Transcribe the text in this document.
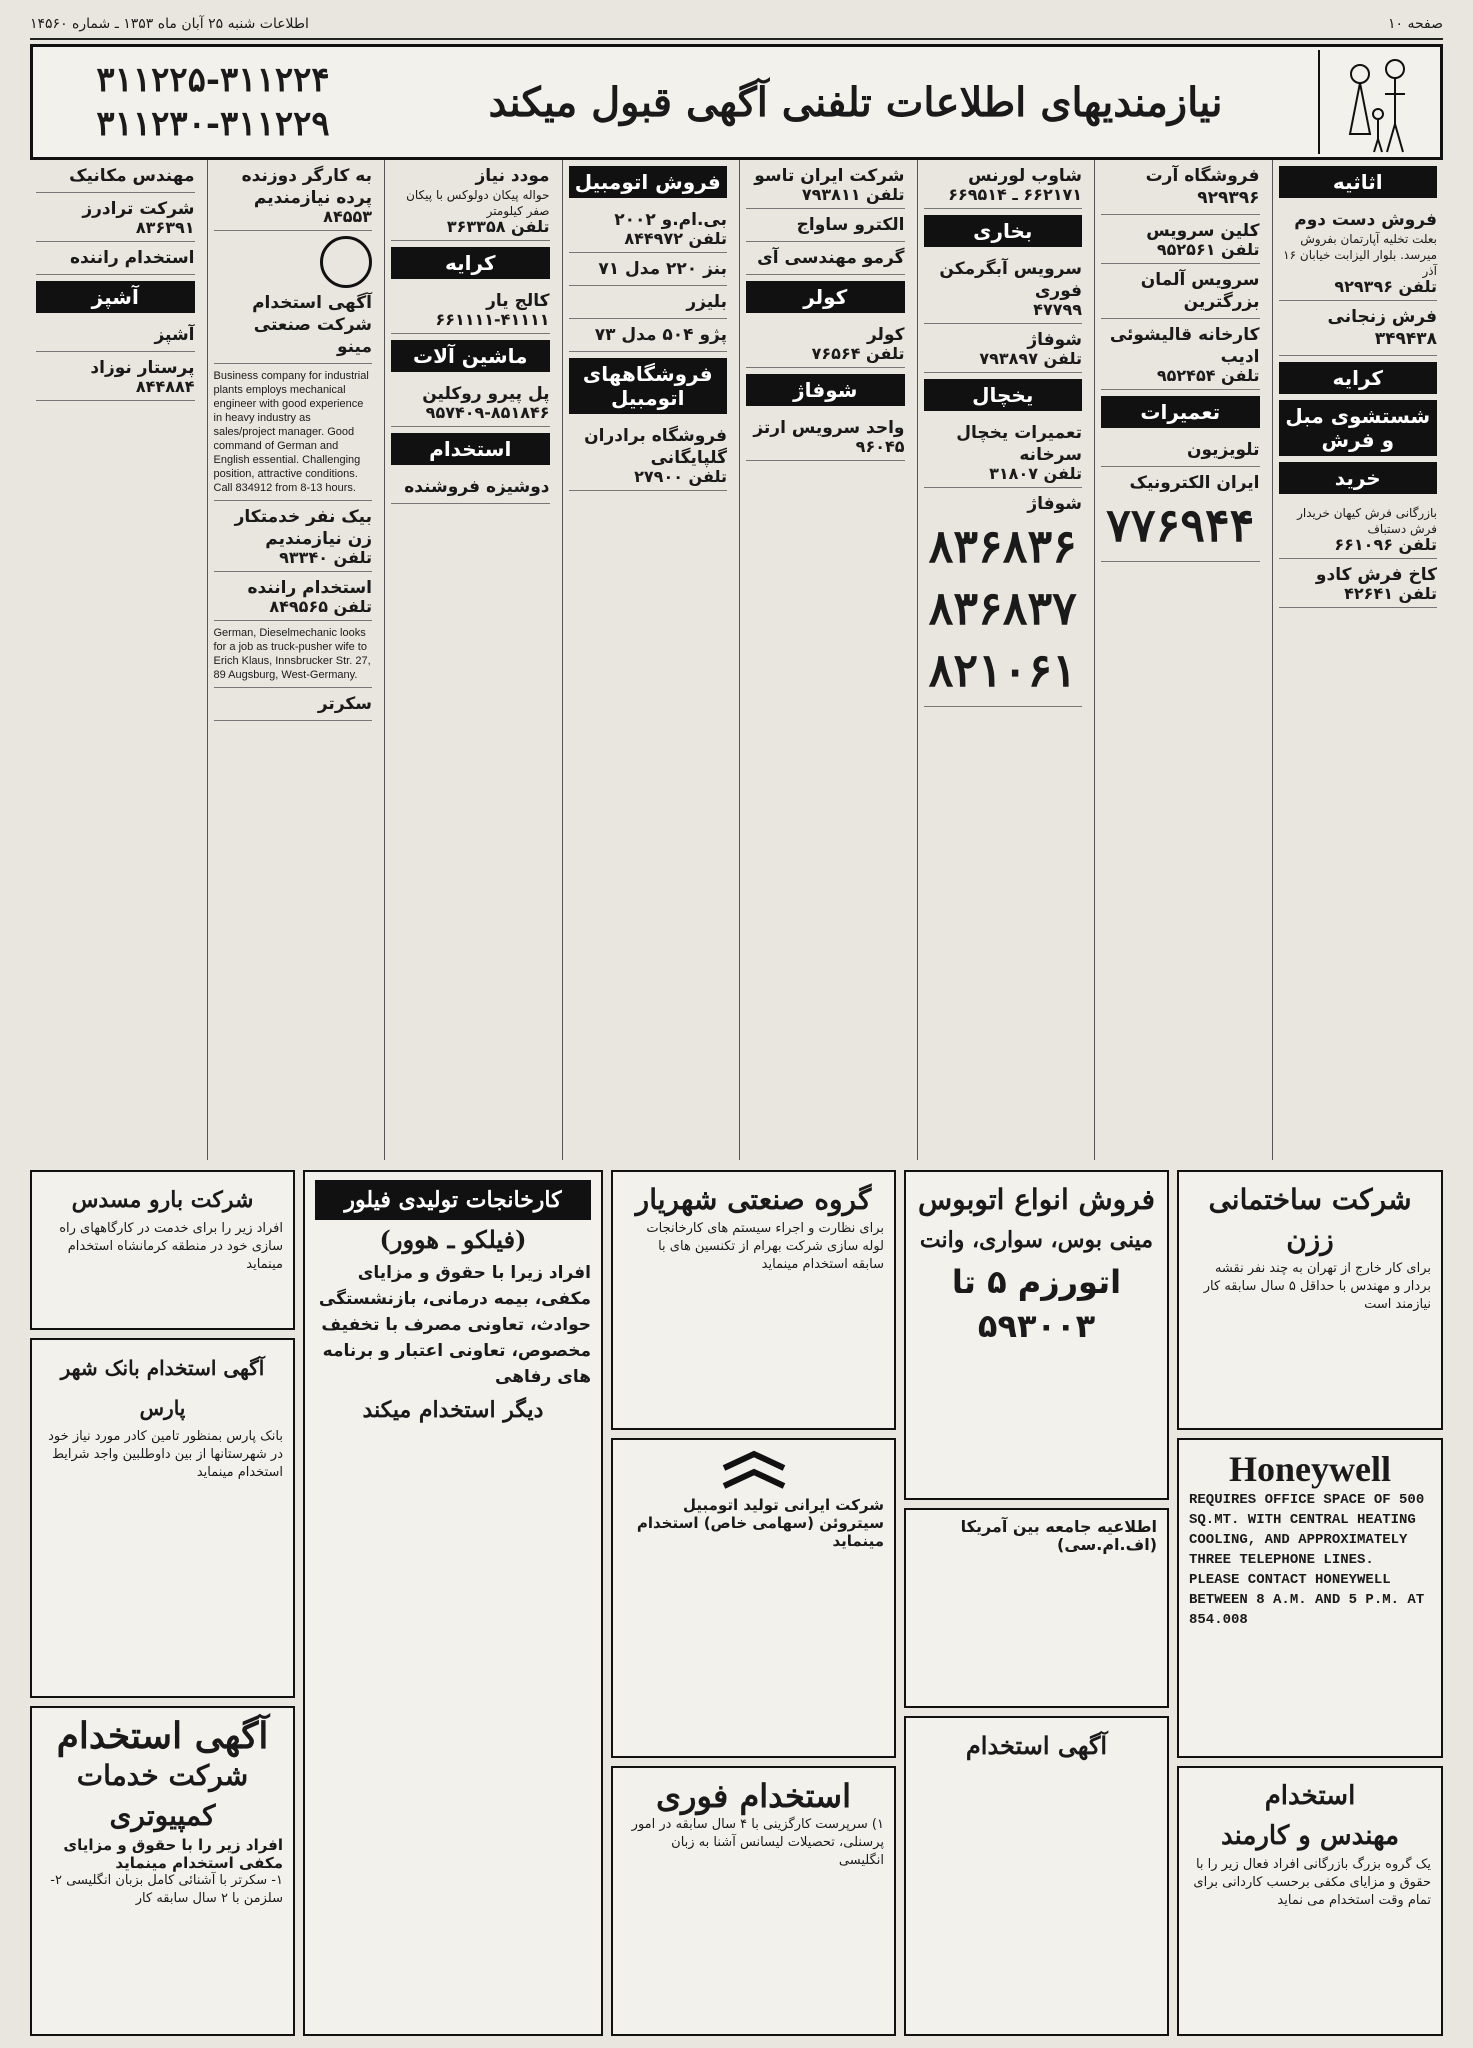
صفحه ۱۰
اطلاعات شنبه ۲۵ آبان ماه ۱۳۵۳ ـ شماره ۱۴۵۶۰
نیازمندیهای اطلاعات تلفنی آگهی قبول میکند
۳۱۱۲۲۵-۳۱۱۲۲۴
۳۱۱۲۳۰-۳۱۱۲۲۹
اثاثیه
فروش دست دوم
بعلت تخلیه آپارتمان بفروش میرسد. بلوار الیزابت خیابان ۱۶ آذر
تلفن ۹۲۹۳۹۶
فرش زنجانی ۳۴۹۴۳۸
کرایه
شستشوی مبل و فرش
خرید
بازرگانی فرش کیهان خریدار فرش دستباف
تلفن ۶۶۱۰۹۶
کاخ فرش کادو
تلفن ۴۲۶۴۱
فروشگاه آرت ۹۲۹۳۹۶
کلین سرویس
تلفن ۹۵۲۵۶۱
سرویس آلمان بزرگترین
کارخانه قالیشوئی ادیب
تلفن ۹۵۲۴۵۴
تعمیرات
تلویزیون
ایران الکترونیک
۷۷۶۹۴۴
شاوب لورنس
۶۶۲۱۷۱ ـ ۶۶۹۵۱۴
بخاری
سرویس آبگرمکن فوری
۴۷۷۹۹
شوفاژ
تلفن ۷۹۳۸۹۷
یخچال
تعمیرات یخچال سرخانه
تلفن ۳۱۸۰۷
شوفاژ
۸۳۶۸۳۶
۸۳۶۸۳۷
۸۲۱۰۶۱
شرکت ایران تاسو
تلفن ۷۹۳۸۱۱
الکترو ساواج
گرمو مهندسی آی
کولر
کولر
تلفن ۷۶۵۶۴
شوفاژ
واحد سرویس ارتز
۹۶۰۴۵
فروش اتومبیل
بی.ام.و ۲۰۰۲
تلفن ۸۴۴۹۷۲
بنز ۲۲۰ مدل ۷۱
بلیزر
پژو ۵۰۴ مدل ۷۳
فروشگاههای اتومبیل
فروشگاه برادران گلپایگانی
تلفن ۲۷۹۰۰
مودد نیاز
حواله پیکان دولوکس با پیکان صفر کیلومتر
تلفن ۳۶۳۳۵۸
کرایه
کالج یار
۶۶۱۱۱۱-۴۱۱۱۱
ماشین آلات
پل پیرو روکلین
۹۵۷۴۰۹-۸۵۱۸۴۶
استخدام
دوشیزه فروشنده
به کارگر دوزنده پرده نیازمندیم
۸۴۵۵۳
آگهی استخدام شرکت صنعتی مینو
Business company for industrial plants employs mechanical engineer with good experience in heavy industry as sales/project manager. Good command of German and English essential. Challenging position, attractive conditions. Call 834912 from 8-13 hours.
بیک نفر خدمتکار زن نیازمندیم
تلفن ۹۳۳۴۰
استخدام راننده
تلفن ۸۴۹۵۶۵
German, Dieselmechanic looks for a job as truck-pusher wife to Erich Klaus, Innsbrucker Str. 27, 89 Augsburg, West-Germany.
سکرتر
مهندس مکانیک
شرکت ترادرز
۸۳۶۳۹۱
استخدام راننده
آشپز
آشپز
پرستار نوزاد
۸۴۴۸۸۴
شرکت بارو مسدس
افراد زیر را برای خدمت در کارگاههای راه سازی خود در منطقه کرمانشاه استخدام مینماید
آگهی استخدام بانک شهر پارس
بانک پارس بمنظور تامین کادر مورد نیاز خود در شهرستانها از بین داوطلبین واجد شرایط استخدام مینماید
آگهی استخدام
شرکت خدمات کمپیوتری
افراد زیر را با حقوق و مزایای مکفی استخدام مینماید
۱- سکرتر با آشنائی کامل بزبان انگلیسی ۲- سلزمن با ۲ سال سابقه کار
کارخانجات تولیدی فیلور
(فیلکو ـ هوور)
افراد زیرا با حقوق و مزایای مکفی، بیمه درمانی، بازنشستگی حوادث، تعاونی مصرف با تخفیف مخصوص، تعاونی اعتبار و برنامه های رفاهی
دیگر استخدام میکند
گروه صنعتی شهریار
برای نظارت و اجراء سیستم های کارخانجات لوله سازی شرکت بهرام از تکنسین های با سابقه استخدام مینماید
شرکت ایرانی تولید اتومبیل سیتروئن (سهامی خاص) استخدام مینماید
استخدام فوری
۱) سرپرست کارگزینی با ۴ سال سابقه در امور پرسنلی، تحصیلات لیسانس آشنا به زبان انگلیسی
فروش انواع اتوبوس
مینی بوس، سواری، وانت
اتورزم ۵ تا ۵۹۳۰۰۳
اطلاعیه جامعه بین آمریکا (اف.ام.سی)
آگهی استخدام
شرکت ساختمانی ززن
برای کار خارج از تهران به چند نفر نقشه بردار و مهندس با حداقل ۵ سال سابقه کار نیازمند است
Honeywell
REQUIRES OFFICE SPACE OF 500 SQ.MT. WITH CENTRAL HEATING COOLING, AND APPROXIMATELY THREE TELEPHONE LINES. PLEASE CONTACT HONEYWELL BETWEEN 8 A.M. AND 5 P.M. AT 854.008
استخدام
مهندس و کارمند
یک گروه بزرگ بازرگانی افراد فعال زیر را با حقوق و مزایای مکفی برحسب کاردانی برای تمام وقت استخدام می نماید
